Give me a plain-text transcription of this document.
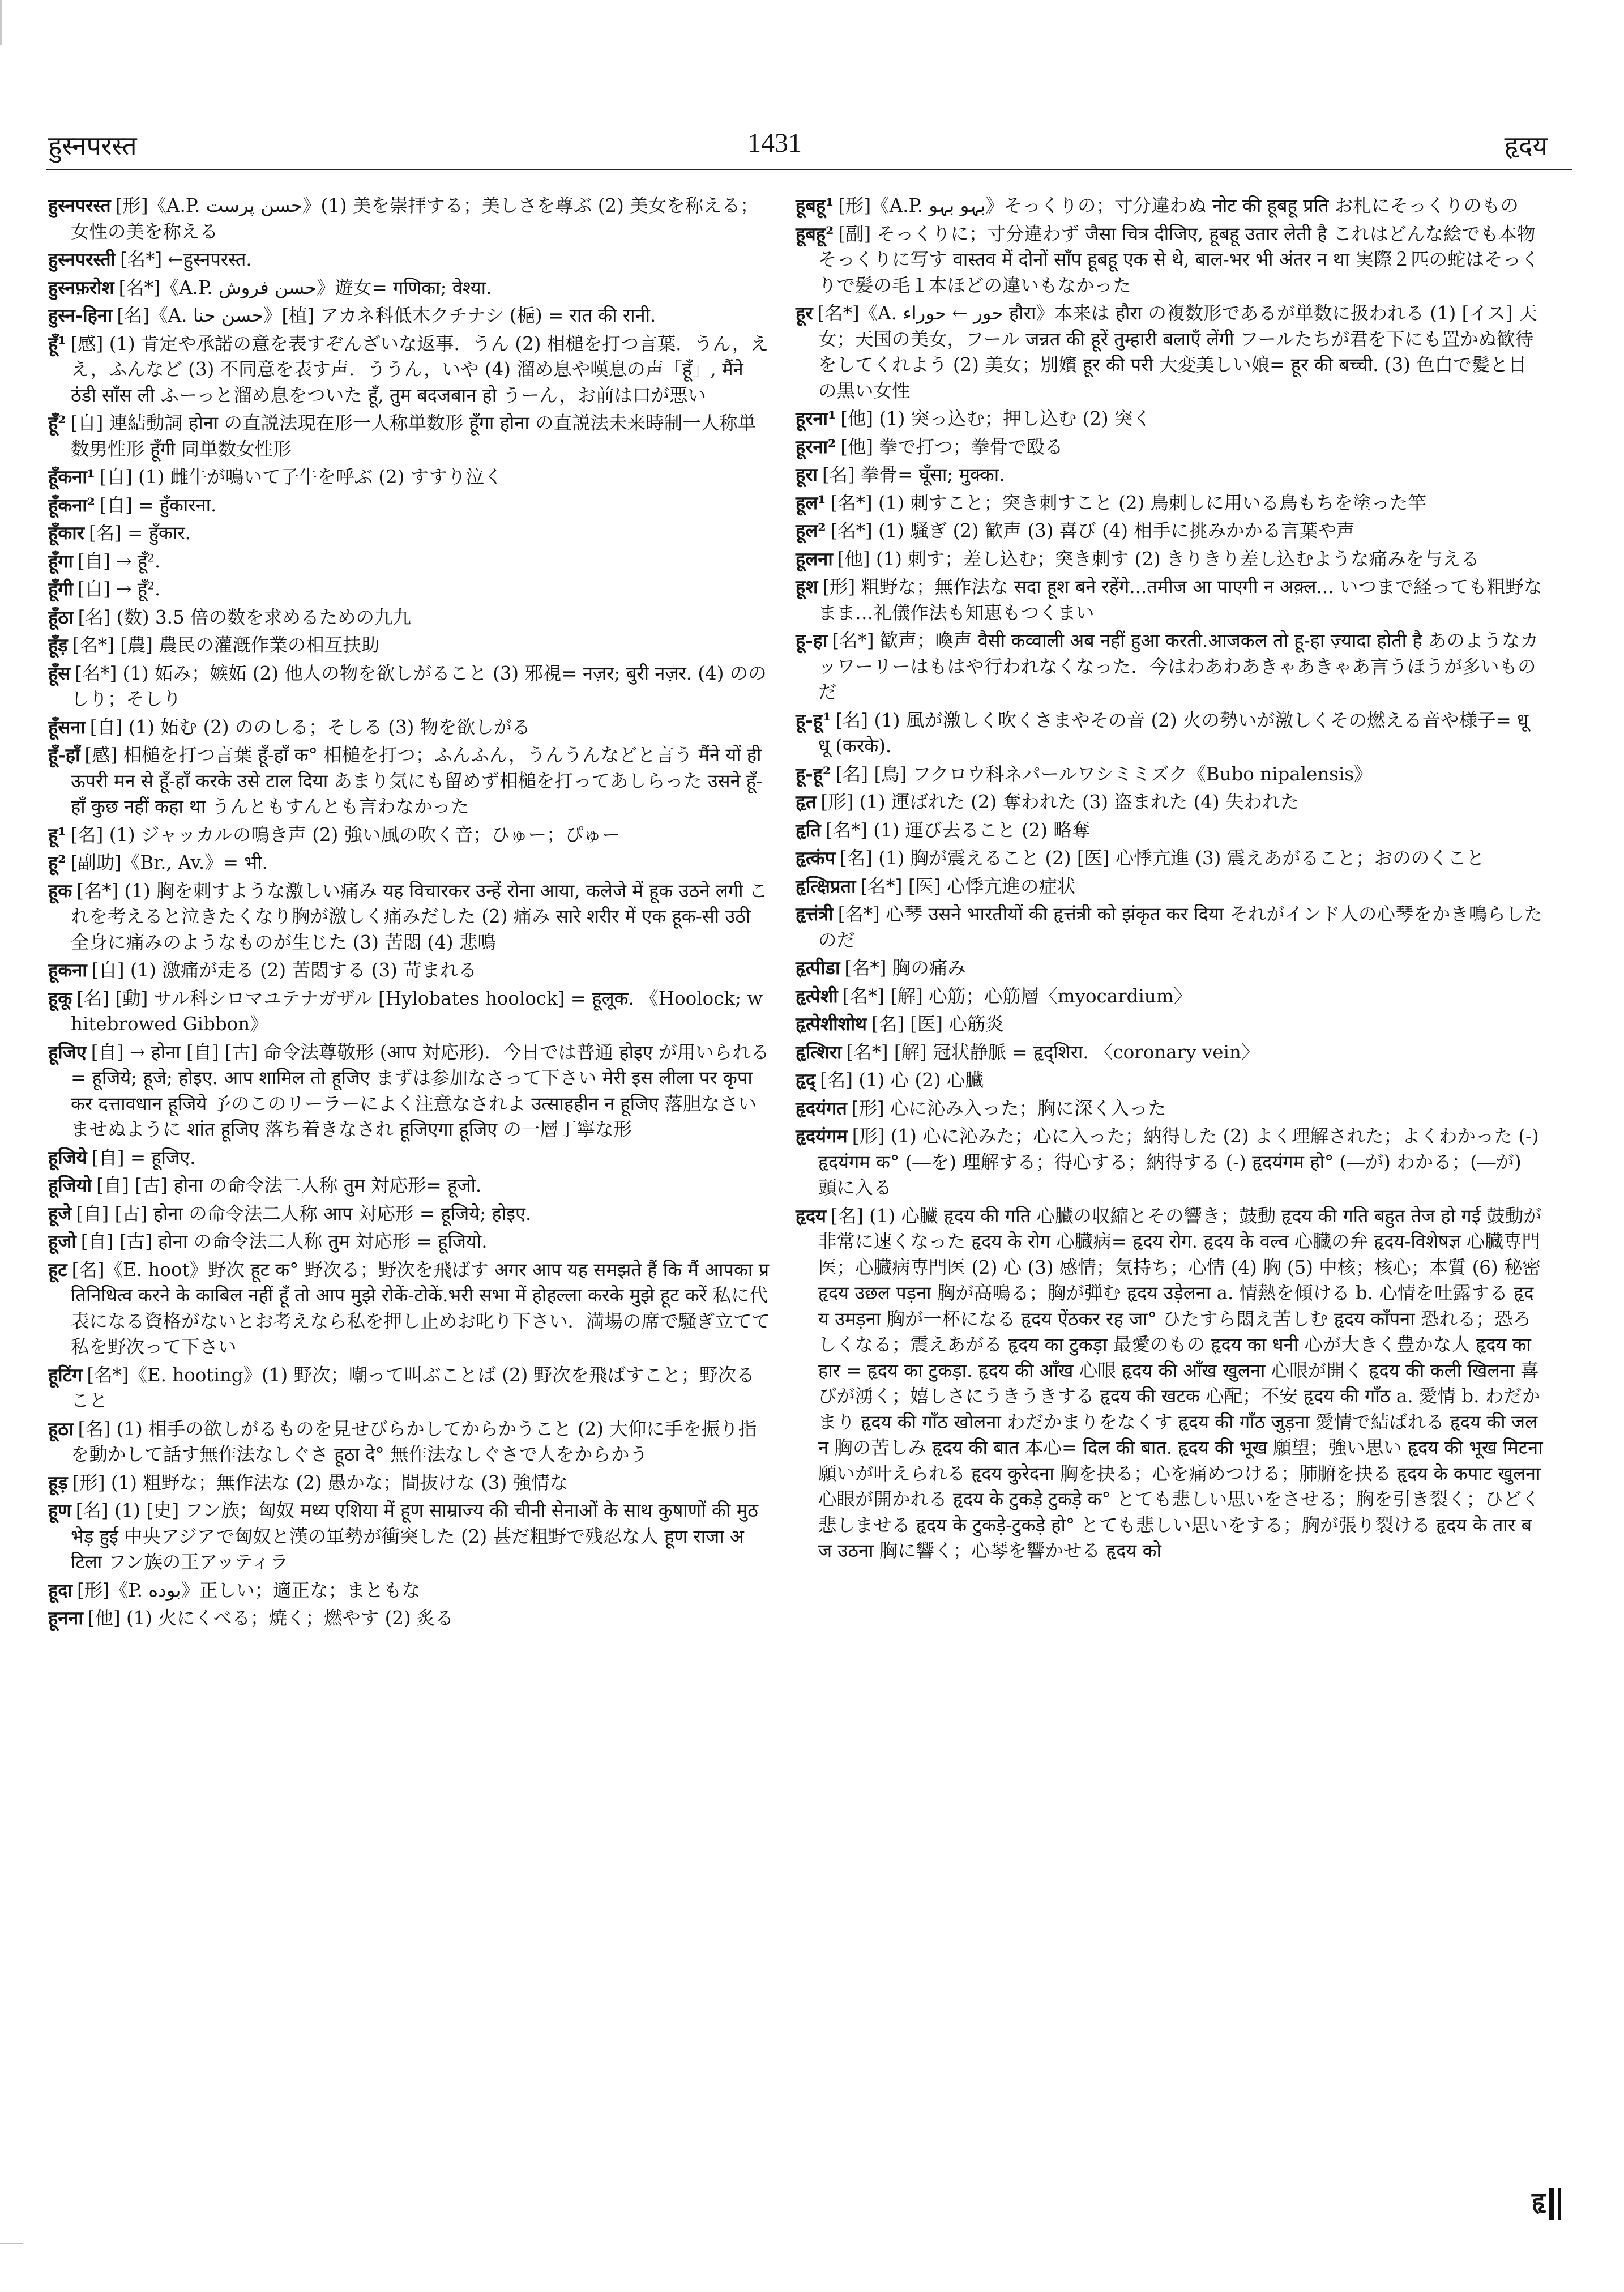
हुस्नपरस्त	1431	हृदय

हुस्नपरस्त [形]《A.P. حسن پرست》(1) 美を崇拝する；美しさを尊ぶ (2) 美女を称える；女性の美を称える

हुस्नपरस्ती [名*] ←हुस्नपरस्त.

हुस्नफ़रोश [名*]《A.P. حسن فروش》遊女= गणिका; वेश्या.

हुस्न-हिना [名]《A. حسن حنا》[植] アカネ科低木クチナシ (梔) = रात की रानी.

हूँ¹ [感] (1) 肯定や承諾の意を表すぞんざいな返事．うん (2) 相槌を打つ言葉．うん，ええ，ふんなど (3) 不同意を表す声．ううん，いや (4) 溜め息や嘆息の声「हूँ」, मैंने ठंडी साँस ली ふーっと溜め息をついた हूँ, तुम बदजबान हो うーん，お前は口が悪い

हूँ² [自] 連結動詞 होना の直説法現在形一人称単数形 हूँगा होना の直説法未来時制一人称単数男性形 हूँगी 同単数女性形

हूँकना¹ [自] (1) 雌牛が鳴いて子牛を呼ぶ (2) すすり泣く

हूँकना² [自] = हुँकारना.

हूँकार [名] = हुँकार.

हूँगा [自] → हूँ².

हूँगी [自] → हूँ².

हूँठा [名] (数) 3.5 倍の数を求めるための九九

हूँड़ [名*] [農] 農民の灌漑作業の相互扶助

हूँस [名*] (1) 妬み；嫉妬 (2) 他人の物を欲しがること (3) 邪視= नज़र; बुरी नज़र. (4) ののしり；そしり

हूँसना [自] (1) 妬む (2) ののしる；そしる (3) 物を欲しがる

हूँ-हाँ [感] 相槌を打つ言葉 हूँ-हाँ क° 相槌を打つ；ふんふん，うんうんなどと言う मैंने यों ही ऊपरी मन से हूँ-हाँ करके उसे टाल दिया あまり気にも留めず相槌を打ってあしらった उसने हूँ-हाँ कुछ नहीं कहा था うんともすんとも言わなかった

हू¹ [名] (1) ジャッカルの鳴き声 (2) 強い風の吹く音；ひゅー；ぴゅー

हू² [副助]《Br., Av.》= भी.

हूक [名*] (1) 胸を刺すような激しい痛み यह विचारकर उन्हें रोना आया, कलेजे में हूक उठने लगी これを考えると泣きたくなり胸が激しく痛みだした (2) 痛み सारे शरीर में एक हूक-सी उठी 全身に痛みのようなものが生じた (3) 苦悶 (4) 悲鳴

हूकना [自] (1) 激痛が走る (2) 苦悶する (3) 苛まれる

हूकू [名] [動] サル科シロマユテナガザル [Hylobates hoolock] = हूलूक. 《Hoolock; whitebrowed Gibbon》

हूजिए [自] → होना [自] [古] 命令法尊敬形 (आप 対応形)．今日では普通 होइए が用いられる= हूजिये; हूजे; होइए. आप शामिल तो हूजिए まずは参加なさって下さい मेरी इस लीला पर कृपा कर दत्तावधान हूजिये 予のこのリーラーによく注意なされよ उत्साहहीन न हूजिए 落胆なさいませぬように शांत हूजिए 落ち着きなされ हूजिएगा हूजिए の一層丁寧な形

हूजिये [自] = हूजिए.

हूजियो [自] [古] होना の命令法二人称 तुम 対応形= हूजो.

हूजे [自] [古] होना の命令法二人称 आप 対応形 = हूजिये; होइए.

हूजो [自] [古] होना の命令法二人称 तुम 対応形 = हूजियो.

हूट [名]《E. hoot》野次 हूट क° 野次る；野次を飛ばす अगर आप यह समझते हैं कि मैं आपका प्रतिनिधित्व करने के काबिल नहीं हूँ तो आप मुझे रोकें-टोकें.भरी सभा में होहल्ला करके मुझे हूट करें 私に代表になる資格がないとお考えなら私を押し止めお叱り下さい．満場の席で騒ぎ立てて私を野次って下さい

हूटिंग [名*]《E. hooting》(1) 野次；嘲って叫ぶことば (2) 野次を飛ばすこと；野次ること

हूठा [名] (1) 相手の欲しがるものを見せびらかしてからかうこと (2) 大仰に手を振り指を動かして話す無作法なしぐさ हूठा दे° 無作法なしぐさで人をからかう

हूड़ [形] (1) 粗野な；無作法な (2) 愚かな；間抜けな (3) 強情な

हूण [名] (1) [史] フン族；匈奴 मध्य एशिया में हूण साम्राज्य की चीनी सेनाओं के साथ कुषाणों की मुठभेड़ हुई 中央アジアで匈奴と漢の軍勢が衝突した (2) 甚だ粗野で残忍な人 हूण राजा अटिला フン族の王アッティラ

हूदा [形]《P. بوده》正しい；適正な；まともな

हूनना [他] (1) 火にくべる；焼く；燃やす (2) 炙る

हूबहू¹ [形]《A.P. بہو بہو》そっくりの；寸分違わぬ नोट की हूबहू प्रति お札にそっくりのもの

हूबहू² [副] そっくりに；寸分違わず जैसा चित्र दीजिए, हूबहू उतार लेती है これはどんな絵でも本物そっくりに写す वास्तव में दोनों साँप हूबहू एक से थे, बाल-भर भी अंतर न था 実際２匹の蛇はそっくりで髪の毛１本ほどの違いもなかった

हूर [名*]《A. حور ← حوراء हौरा》本来は हौरा の複数形であるが単数に扱われる (1) [イス] 天女；天国の美女，フール जन्नत की हूरें तुम्हारी बलाएँ लेंगी フールたちが君を下にも置かぬ歓待をしてくれよう (2) 美女；別嬪 हूर की परी 大変美しい娘= हूर की बच्ची. (3) 色白で髪と目の黒い女性

हूरना¹ [他] (1) 突っ込む；押し込む (2) 突く

हूरना² [他] 拳で打つ；拳骨で殴る

हूरा [名] 拳骨= घूँसा; मुक्का.

हूल¹ [名*] (1) 刺すこと；突き刺すこと (2) 鳥刺しに用いる鳥もちを塗った竿

हूल² [名*] (1) 騒ぎ (2) 歓声 (3) 喜び (4) 相手に挑みかかる言葉や声

हूलना [他] (1) 刺す；差し込む；突き刺す (2) きりきり差し込むような痛みを与える

हूश [形] 粗野な；無作法な सदा हूश बने रहेंगे...तमीज आ पाएगी न अक़्ल... いつまで経っても粗野なまま…礼儀作法も知恵もつくまい

हू-हा [名*] 歓声；喚声 वैसी कव्वाली अब नहीं हुआ करती.आजकल तो हू-हा ज़्यादा होती है あのようなカッワーリーはもはや行われなくなった．今はわあわあきゃあきゃあ言うほうが多いものだ

हू-हू¹ [名] (1) 風が激しく吹くさまやその音 (2) 火の勢いが激しくその燃える音や様子= धू धू (करके).

हू-हू² [名] [鳥] フクロウ科ネパールワシミミズク《Bubo nipalensis》

हृत [形] (1) 運ばれた (2) 奪われた (3) 盗まれた (4) 失われた

हृति [名*] (1) 運び去ること (2) 略奪

हृत्कंप [名] (1) 胸が震えること (2) [医] 心悸亢進 (3) 震えあがること；おののくこと

हृत्क्षिप्रता [名*] [医] 心悸亢進の症状

हृत्तंत्री [名*] 心琴 उसने भारतीयों की हृत्तंत्री को झंकृत कर दिया それがインド人の心琴をかき鳴らしたのだ

हृत्पीडा [名*] 胸の痛み

हृत्पेशी [名*] [解] 心筋；心筋層〈myocardium〉

हृत्पेशीशोथ [名] [医] 心筋炎

हृत्शिरा [名*] [解] 冠状静脈 = हृद्शिरा. 〈coronary vein〉

हृद् [名] (1) 心 (2) 心臓

हृदयंगत [形] 心に沁み入った；胸に深く入った

हृदयंगम [形] (1) 心に沁みた；心に入った；納得した (2) よく理解された；よくわかった (-) हृदयंगम क° (―を) 理解する；得心する；納得する (-) हृदयंगम हो° (―が) わかる；(―が) 頭に入る

हृदय [名] (1) 心臓 हृदय की गति 心臓の収縮とその響き；鼓動 हृदय की गति बहुत तेज हो गई 鼓動が非常に速くなった हृदय के रोग 心臓病= हृदय रोग. हृदय के वल्व 心臓の弁 हृदय-विशेषज्ञ 心臓専門医；心臓病専門医 (2) 心 (3) 感情；気持ち；心情 (4) 胸 (5) 中核；核心；本質 (6) 秘密 हृदय उछल पड़ना 胸が高鳴る；胸が弾む हृदय उड़ेलना a. 情熱を傾ける b. 心情を吐露する हृदय उमड़ना 胸が一杯になる हृदय ऐंठकर रह जा° ひたすら悶え苦しむ हृदय काँपना 恐れる；恐ろしくなる；震えあがる हृदय का टुकड़ा 最愛のもの हृदय का धनी 心が大きく豊かな人 हृदय का हार = हृदय का टुकड़ा. हृदय की आँख 心眼 हृदय की आँख खुलना 心眼が開く हृदय की कली खिलना 喜びが湧く；嬉しさにうきうきする हृदय की खटक 心配；不安 हृदय की गाँठ a. 愛情 b. わだかまり हृदय की गाँठ खोलना わだかまりをなくす हृदय की गाँठ जुड़ना 愛情で結ばれる हृदय की जलन 胸の苦しみ हृदय की बात 本心= दिल की बात. हृदय की भूख 願望；強い思い हृदय की भूख मिटना 願いが叶えられる हृदय कुरेदना 胸を抉る；心を痛めつける；肺腑を抉る हृदय के कपाट खुलना 心眼が開かれる हृदय के टुकड़े टुकड़े क° とても悲しい思いをさせる；胸を引き裂く；ひどく悲しませる हृदय के टुकड़े-टुकड़े हो° とても悲しい思いをする；胸が張り裂ける हृदय के तार बज उठना 胸に響く；心琴を響かせる हृदय को

हृ
